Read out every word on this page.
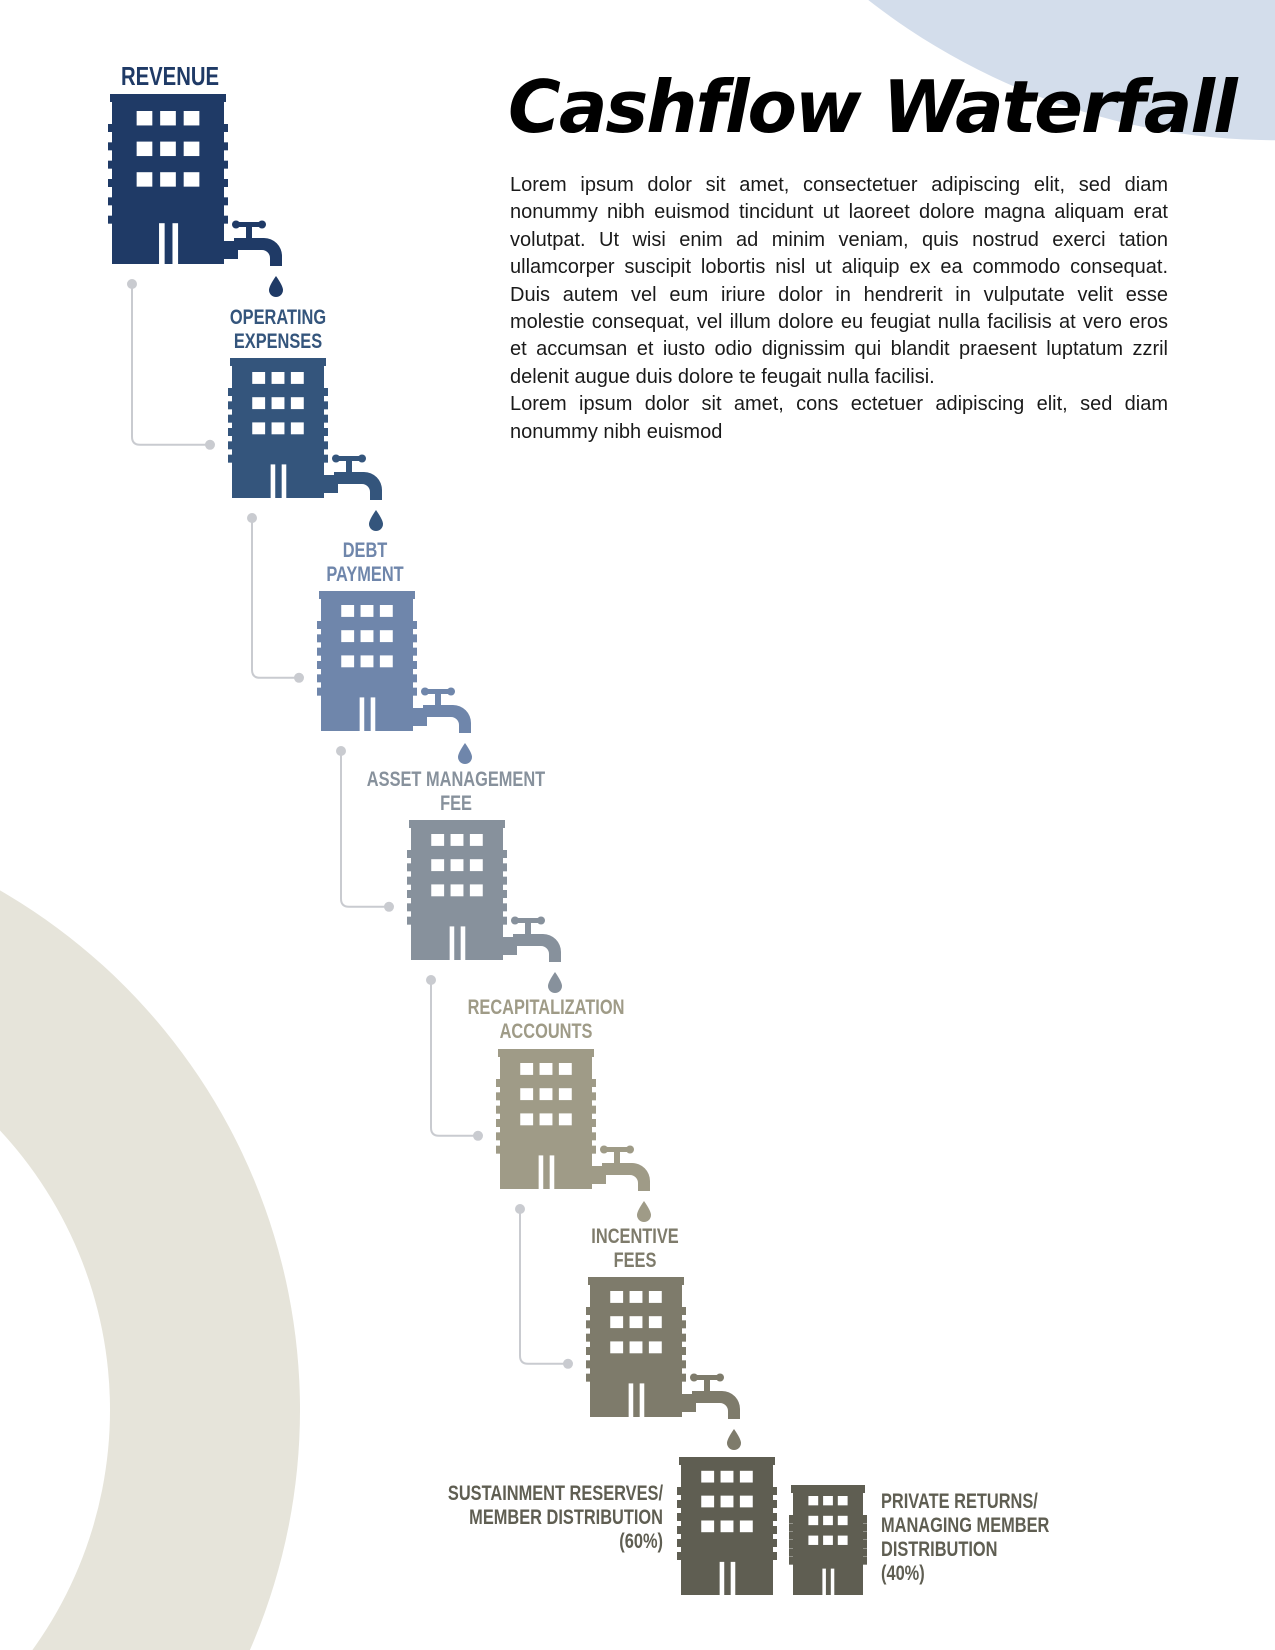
Cashflow Waterfall

Lorem ipsum dolor sit amet, consectetuer adipiscing elit, sed diam nonummy nibh euismod tincidunt ut laoreet dolore magna aliquam erat volutpat. Ut wisi enim ad minim veniam, quis nostrud exerci tation ullamcorper suscipit lobortis nisl ut aliquip ex ea commodo consequat. Duis autem vel eum iriure dolor in hendrerit in vulputate velit esse molestie consequat, vel illum dolore eu feugiat nulla facilisis at vero eros et accumsan et iusto odio dignissim qui blandit praesent luptatum zzril delenit augue duis dolore te feugait nulla facilisi.

Lorem ipsum dolor sit amet, cons ectetuer adipiscing elit, sed diam nonummy nibh euismod

REVENUE
OPERATING
EXPENSES
DEBT
PAYMENT
ASSET MANAGEMENT
FEE
RECAPITALIZATION
ACCOUNTS
INCENTIVE
FEES
SUSTAINMENT RESERVES/
MEMBER DISTRIBUTION
(60%)
PRIVATE RETURNS/
MANAGING MEMBER
DISTRIBUTION
(40%)
